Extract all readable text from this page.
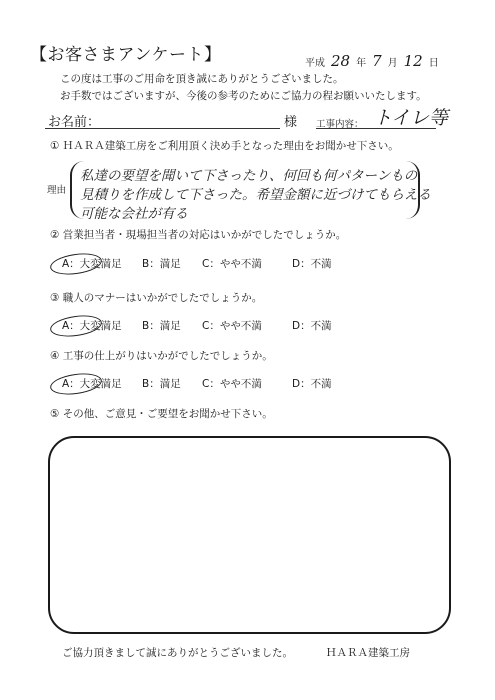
【お客さまアンケート】	平成 28 年 7 月 12 日
この度は工事のご用命を頂き誠にありがとうございました。
お手数ではございますが、今後の参考のためにご協力の程お願いいたします。
お名前：	様 工事内容： トイレ等
① ＨＡＲＡ建築工房をご利用頂く決め手となった理由をお聞かせ下さい。
理由
私達の要望を聞いて下さったり、何回も何パターンもの
見積りを作成して下さった。希望金額に近づけてもらえる
可能な会社が有る
② 営業担当者・現場担当者の対応はいかがでしたでしょうか。
A：大変満足 B：満足 C：やや不満	D：不満
③ 職人のマナーはいかがでしたでしょうか。
A：大変満足 B：満足 C：やや不満	D：不満
④ 工事の仕上がりはいかがでしたでしょうか。
A：大変満足 B：満足 C：やや不満	D：不満
⑤ その他、ご意見・ご要望をお聞かせ下さい。
ご協力頂きまして誠にありがとうございました。	ＨＡＲＡ建築工房
